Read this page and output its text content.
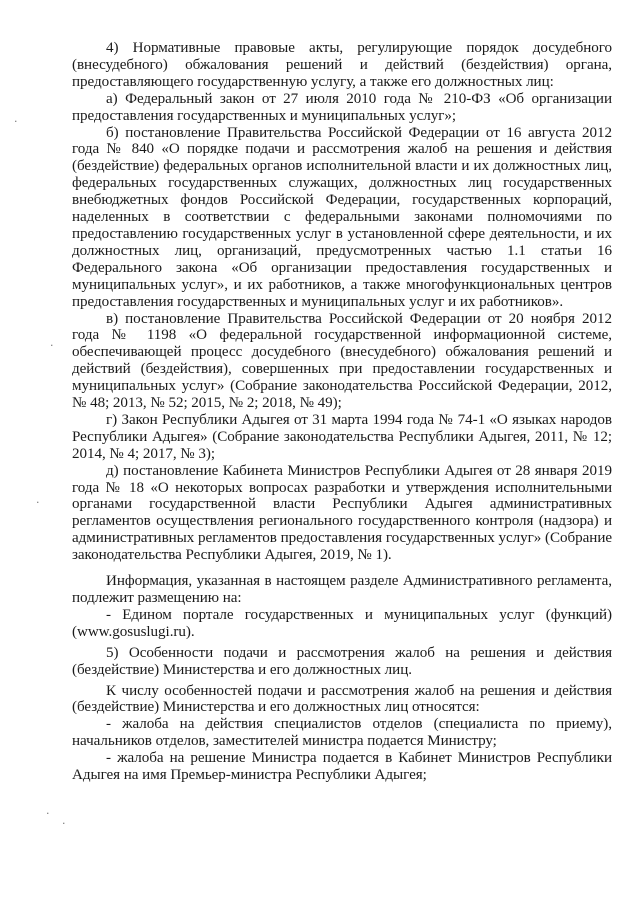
4) Нормативные правовые акты, регулирующие порядок досудебного (внесудебного) обжалования решений и действий (бездействия) органа, предоставляющего государственную услугу, а также его должностных лиц:

а) Федеральный закон от 27 июля 2010 года № 210-ФЗ «Об организации предоставления государственных и муниципальных услуг»;

б) постановление Правительства Российской Федерации от 16 августа 2012 года № 840 «О порядке подачи и рассмотрения жалоб на решения и действия (бездействие) федеральных органов исполнительной власти и их должностных лиц, федеральных государственных служащих, должностных лиц государственных внебюджетных фондов Российской Федерации, государственных корпораций, наделенных в соответствии с федеральными законами полномочиями по предоставлению государственных услуг в установленной сфере деятельности, и их должностных лиц, организаций, предусмотренных частью 1.1 статьи 16 Федерального закона «Об организации предоставления государственных и муниципальных услуг», и их работников, а также многофункциональных центров предоставления государственных и муниципальных услуг и их работников».

в) постановление Правительства Российской Федерации от 20 ноября 2012 года № 1198 «О федеральной государственной информационной системе, обеспечивающей процесс досудебного (внесудебного) обжалования решений и действий (бездействия), совершенных при предоставлении государственных и муниципальных услуг» (Собрание законодательства Российской Федерации, 2012, № 48; 2013, № 52; 2015, № 2; 2018, № 49);

г) Закон Республики Адыгея от 31 марта 1994 года № 74-1 «О языках народов Республики Адыгея» (Собрание законодательства Республики Адыгея, 2011, № 12; 2014, № 4; 2017, № 3);

д) постановление Кабинета Министров Республики Адыгея от 28 января 2019 года № 18 «О некоторых вопросах разработки и утверждения исполнительными органами государственной власти Республики Адыгея административных регламентов осуществления регионального государственного контроля (надзора) и административных регламентов предоставления государственных услуг» (Собрание законодательства Республики Адыгея, 2019, № 1).

Информация, указанная в настоящем разделе Административного регламента, подлежит размещению на:

- Едином портале государственных и муниципальных услуг (функций) (www.gosuslugi.ru).

5) Особенности подачи и рассмотрения жалоб на решения и действия (бездействие) Министерства и его должностных лиц.

К числу особенностей подачи и рассмотрения жалоб на решения и действия (бездействие) Министерства и его должностных лиц относятся:

- жалоба на действия специалистов отделов (специалиста по приему), начальников отделов, заместителей министра подается Министру;

- жалоба на решение Министра подается в Кабинет Министров Республики Адыгея на имя Премьер-министра Республики Адыгея;

·
·
·
·
·
